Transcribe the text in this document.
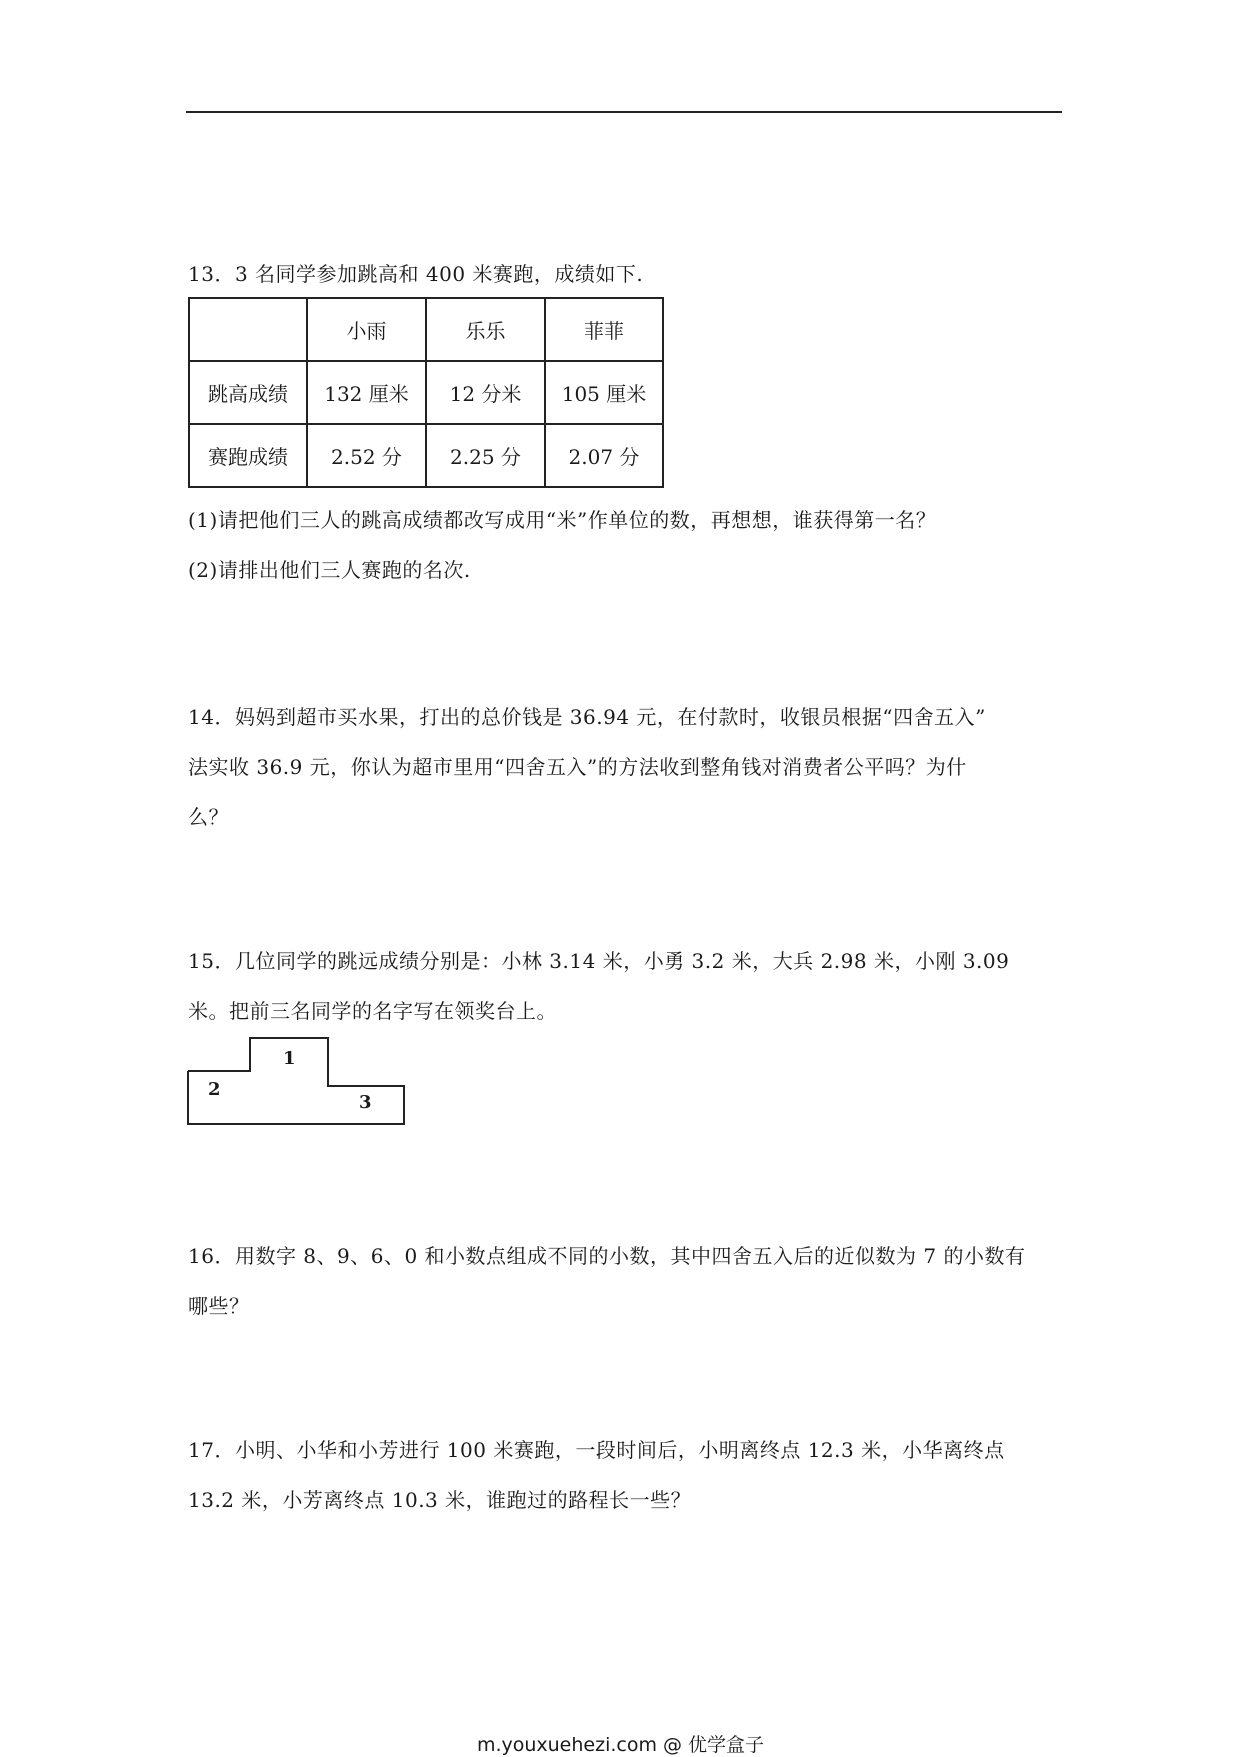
13．3 名同学参加跳高和 400 米赛跑，成绩如下.
	小雨	乐乐	菲菲
跳高成绩	132 厘米	12 分米	105 厘米
赛跑成绩	2.52 分	2.25 分	2.07 分
(1)请把他们三人的跳高成绩都改写成用“米”作单位的数，再想想，谁获得第一名？
(2)请排出他们三人赛跑的名次.
14．妈妈到超市买水果，打出的总价钱是 36.94 元，在付款时，收银员根据“四舍五入”
法实收 36.9 元，你认为超市里用“四舍五入”的方法收到整角钱对消费者公平吗？为什
么？
15．几位同学的跳远成绩分别是：小林 3.14 米，小勇 3.2 米，大兵 2.98 米，小刚 3.09
米。把前三名同学的名字写在领奖台上。
1
2
3
16．用数字 8、9、6、0 和小数点组成不同的小数，其中四舍五入后的近似数为 7 的小数有
哪些？
17．小明、小华和小芳进行 100 米赛跑，一段时间后，小明离终点 12.3 米，小华离终点
13.2 米，小芳离终点 10.3 米，谁跑过的路程长一些？
m.youxuehezi.com @ 优学盒子
